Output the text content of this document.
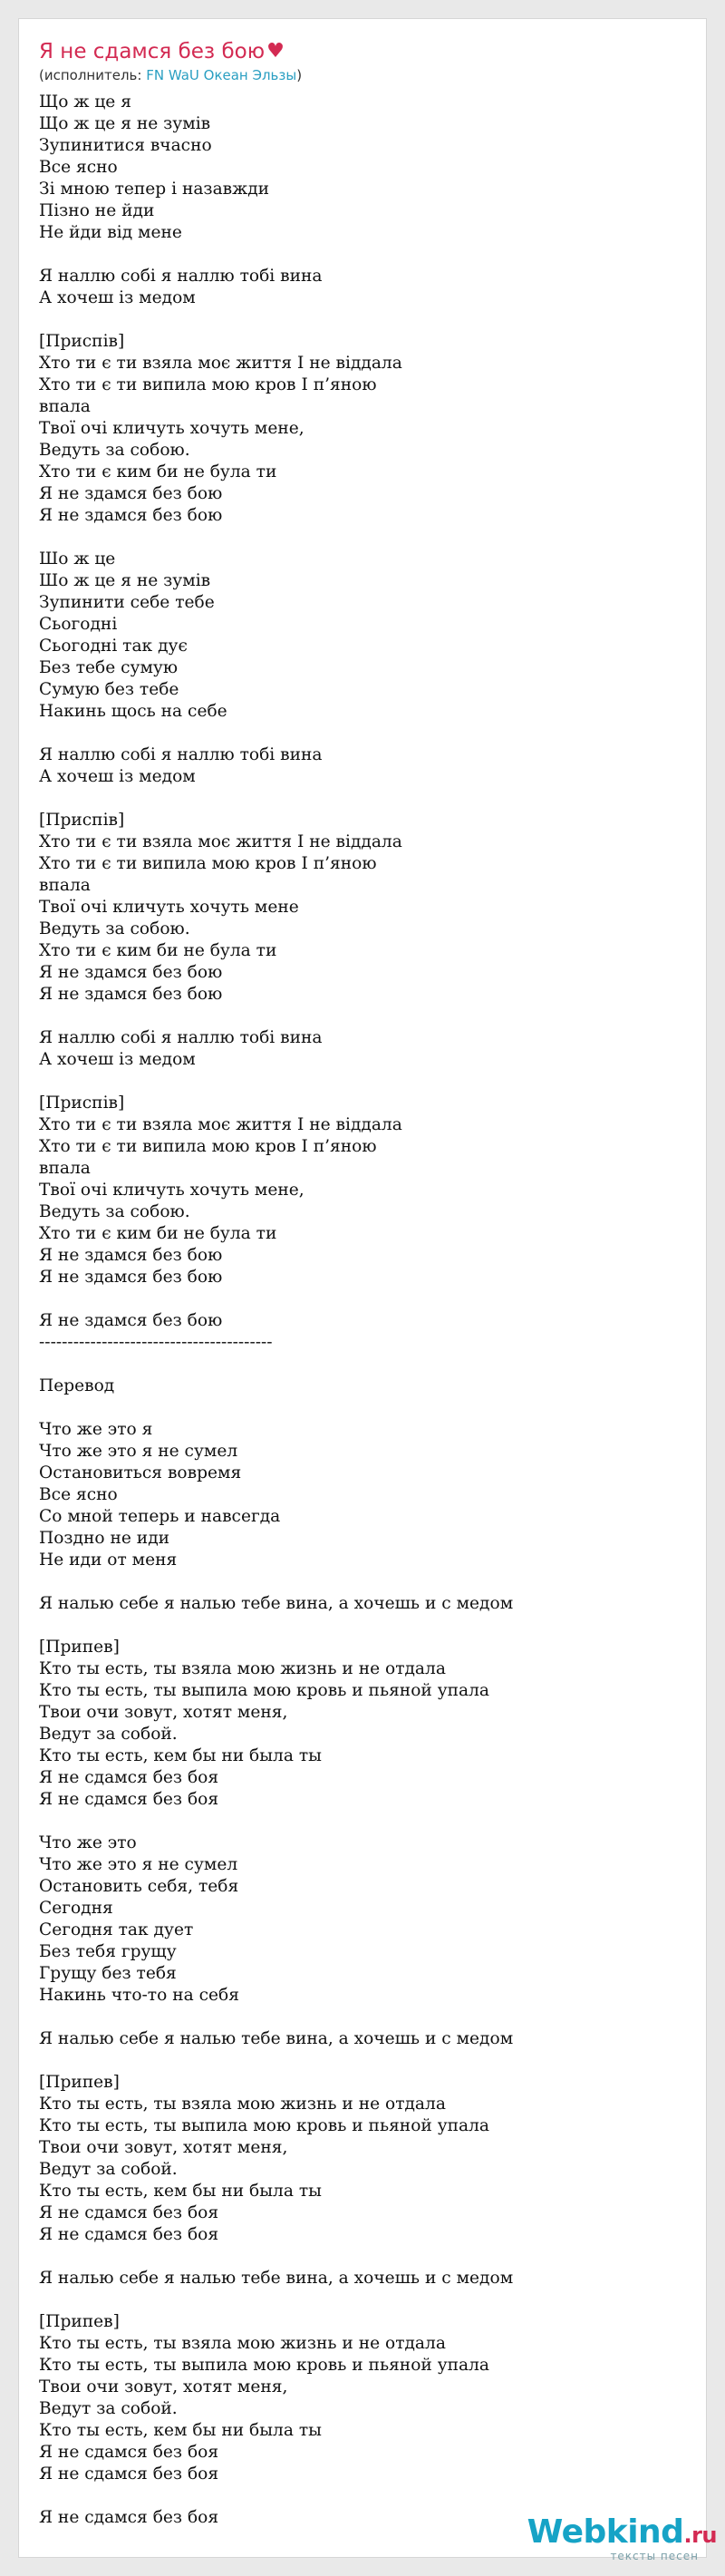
Я не сдамся без бою ♥
(исполнитель: FN WaU Океан Эльзы)
Що ж це я
Що ж це я не зумів
Зупинитися вчасно
Все ясно
Зі мною тепер і назавжди
Пізно не йди
Не йди від мене
Я наллю собі я наллю тобі вина
А хочеш із медом
[Приспів]
Хто ти є ти взяла моє життя I не віддала
Хто ти є ти випила мою кров I п’яною
впала
Твої очі кличуть хочуть мене,
Ведуть за собою.
Хто ти є ким би не була ти
Я не здамся без бою
Я не здамся без бою
Шо ж це
Шо ж це я не зумів
Зупинити себе тебе
Сьогодні
Сьогодні так дує
Без тебе сумую
Сумую без тебе
Накинь щось на себе
Я наллю собі я наллю тобі вина
А хочеш із медом
[Приспів]
Хто ти є ти взяла моє життя I не віддала
Хто ти є ти випила мою кров I п’яною
впала
Твої очі кличуть хочуть мене
Ведуть за собою.
Хто ти є ким би не була ти
Я не здамся без бою
Я не здамся без бою
Я наллю собі я наллю тобі вина
А хочеш із медом
[Приспів]
Хто ти є ти взяла моє життя I не віддала
Хто ти є ти випила мою кров I п’яною
впала
Твої очі кличуть хочуть мене,
Ведуть за собою.
Хто ти є ким би не була ти
Я не здамся без бою
Я не здамся без бою
Я не здамся без бою
-----------------------------------------
Перевод
Что же это я
Что же это я не сумел
Остановиться вовремя
Все ясно
Со мной теперь и навсегда
Поздно не иди
Не иди от меня
Я налью себе я налью тебе вина, а хочешь и с медом
[Припев]
Кто ты есть, ты взяла мою жизнь и не отдала
Кто ты есть, ты выпила мою кровь и пьяной упала
Твои очи зовут, хотят меня,
Ведут за собой.
Кто ты есть, кем бы ни была ты
Я не сдамся без боя
Я не сдамся без боя
Что же это
Что же это я не сумел
Остановить себя, тебя
Сегодня
Сегодня так дует
Без тебя грущу
Грущу без тебя
Накинь что-то на себя
Я налью себе я налью тебе вина, а хочешь и с медом
[Припев]
Кто ты есть, ты взяла мою жизнь и не отдала
Кто ты есть, ты выпила мою кровь и пьяной упала
Твои очи зовут, хотят меня,
Ведут за собой.
Кто ты есть, кем бы ни была ты
Я не сдамся без боя
Я не сдамся без боя
Я налью себе я налью тебе вина, а хочешь и с медом
[Припев]
Кто ты есть, ты взяла мою жизнь и не отдала
Кто ты есть, ты выпила мою кровь и пьяной упала
Твои очи зовут, хотят меня,
Ведут за собой.
Кто ты есть, кем бы ни была ты
Я не сдамся без боя
Я не сдамся без боя
Я не сдамся без боя	Webkind.ru
тексты песен
